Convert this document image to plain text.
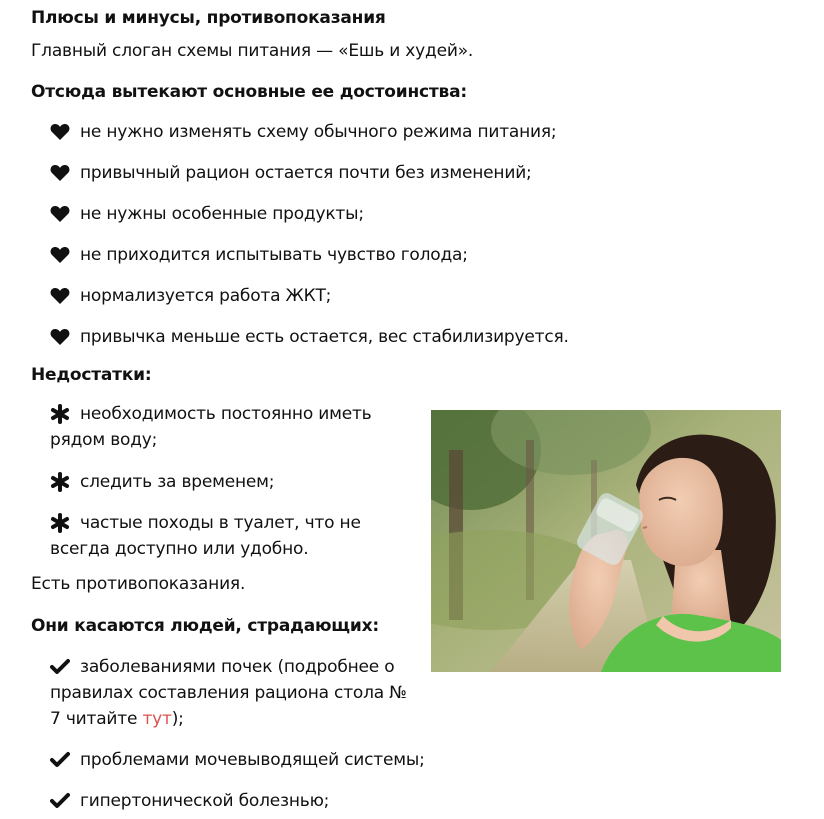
Плюсы и минусы, противопоказания

Главный слоган схемы питания — «Ешь и худей».

Отсюда вытекают основные ее достоинства:
не нужно изменять схему обычного режима питания;
привычный рацион остается почти без изменений;
не нужны особенные продукты;
не приходится испытывать чувство голода;
нормализуется работа ЖКТ;
привычка меньше есть остается, вес стабилизируется.
Недостатки:
необходимость постоянно иметь рядом воду;
следить за временем;
частые походы в туалет, что не всегда доступно или удобно.

Есть противопоказания.

Они касаются людей, страдающих:
заболеваниями почек (подробнее о правилах составления рациона стола № 7 читайте тут);
проблемами мочевыводящей системы;
гипертонической болезнью;
